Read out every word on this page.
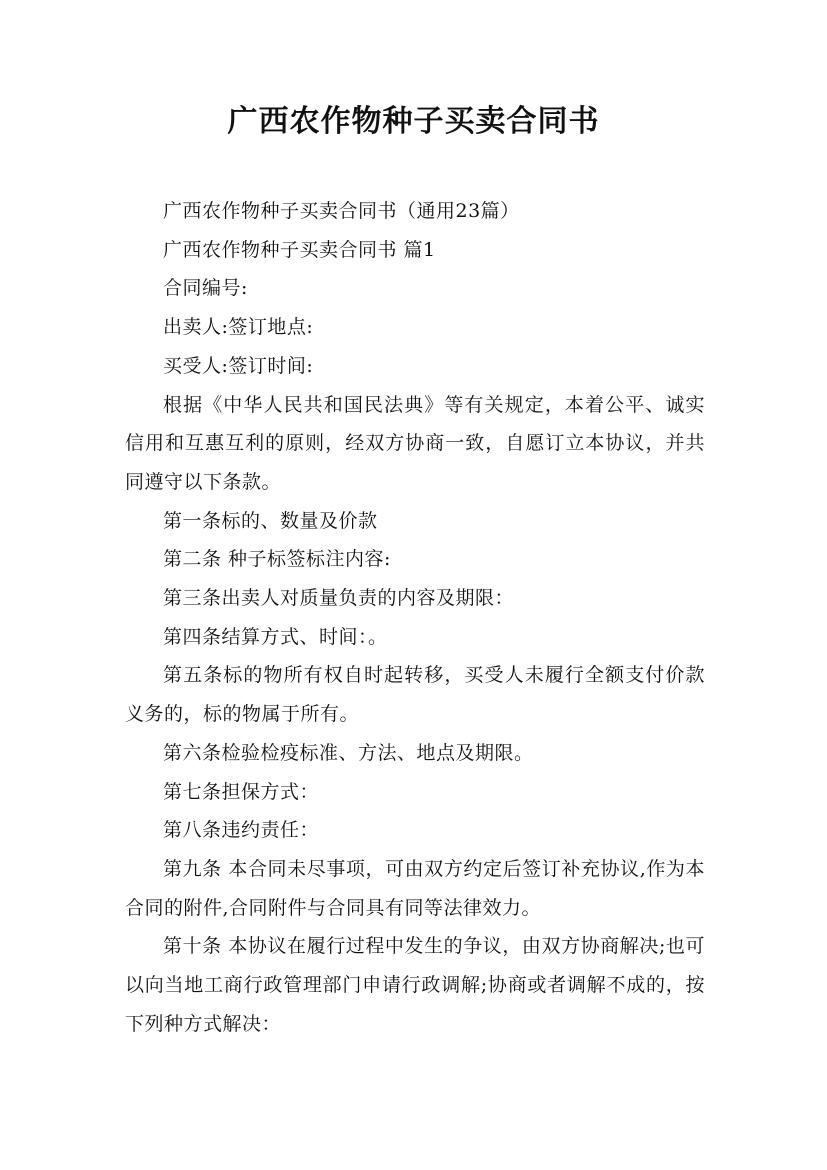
广西农作物种子买卖合同书

广西农作物种子买卖合同书（通用23篇）

广西农作物种子买卖合同书 篇1

合同编号:

出卖人:签订地点:

买受人:签订时间:

根据《中华人民共和国民法典》等有关规定，本着公平、诚实信用和互惠互利的原则，经双方协商一致，自愿订立本协议，并共同遵守以下条款。

第一条标的、数量及价款

第二条 种子标签标注内容:

第三条出卖人对质量负责的内容及期限：

第四条结算方式、时间：。

第五条标的物所有权自时起转移，买受人未履行全额支付价款义务的，标的物属于所有。

第六条检验检疫标准、方法、地点及期限。

第七条担保方式：

第八条违约责任：

第九条 本合同未尽事项，可由双方约定后签订补充协议,作为本合同的附件,合同附件与合同具有同等法律效力。

第十条 本协议在履行过程中发生的争议，由双方协商解决;也可以向当地工商行政管理部门申请行政调解;协商或者调解不成的，按下列种方式解决：
